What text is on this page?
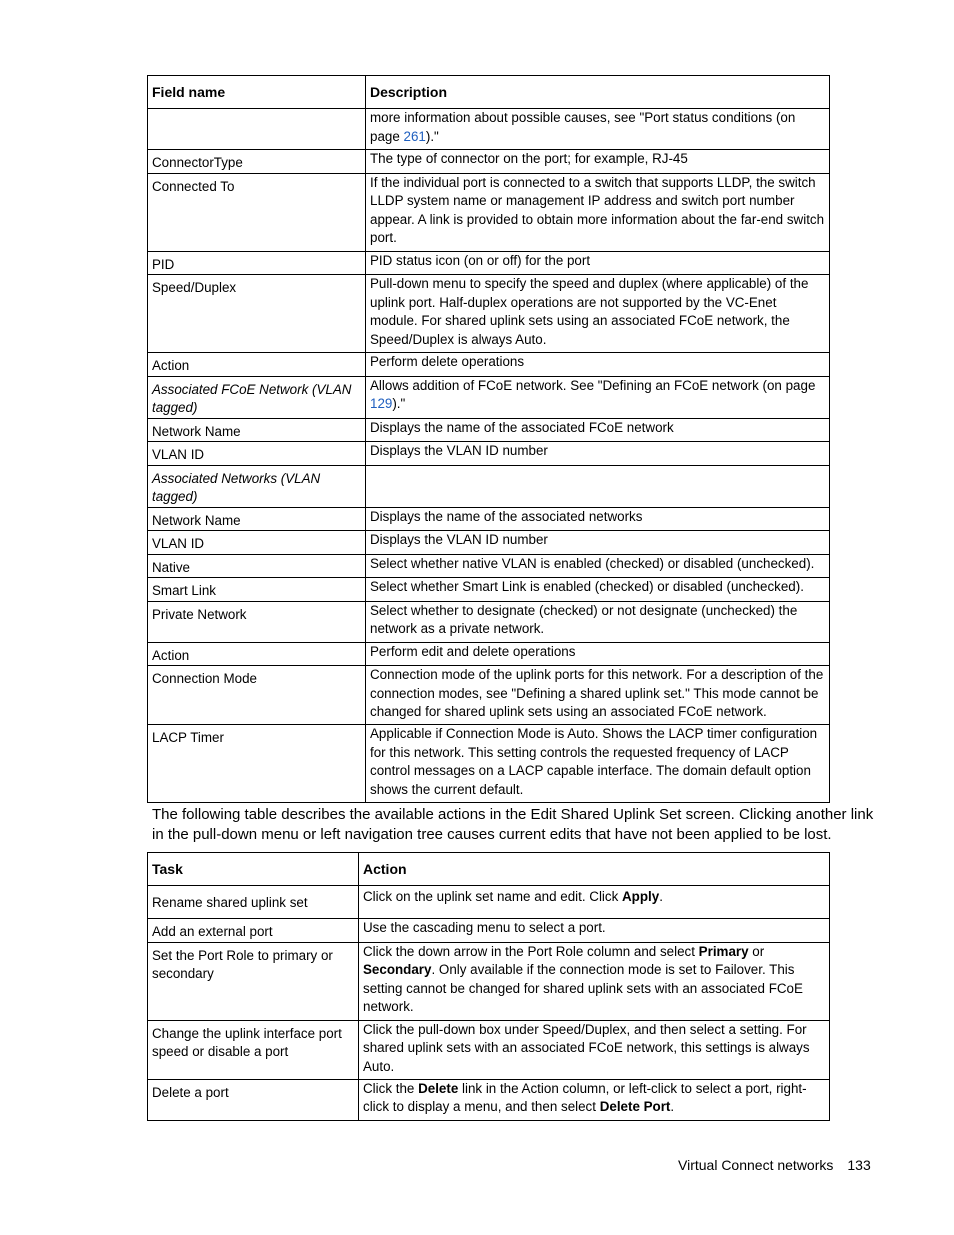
Field name	Description
	more information about possible causes, see "Port status conditions (on page 261)."
ConnectorType	The type of connector on the port; for example, RJ-45
Connected To	If the individual port is connected to a switch that supports LLDP, the switch LLDP system name or management IP address and switch port number appear. A link is provided to obtain more information about the far-end switch port.
PID	PID status icon (on or off) for the port
Speed/Duplex	Pull-down menu to specify the speed and duplex (where applicable) of the uplink port. Half-duplex operations are not supported by the VC-Enet module. For shared uplink sets using an associated FCoE network, the Speed/Duplex is always Auto.
Action	Perform delete operations
Associated FCoE Network (VLAN tagged)	Allows addition of FCoE network. See "Defining an FCoE network (on page 129)."
Network Name	Displays the name of the associated FCoE network
VLAN ID	Displays the VLAN ID number
Associated Networks (VLAN tagged)	
Network Name	Displays the name of the associated networks
VLAN ID	Displays the VLAN ID number
Native	Select whether native VLAN is enabled (checked) or disabled (unchecked).
Smart Link	Select whether Smart Link is enabled (checked) or disabled (unchecked).
Private Network	Select whether to designate (checked) or not designate (unchecked) the network as a private network.
Action	Perform edit and delete operations
Connection Mode	Connection mode of the uplink ports for this network. For a description of the connection modes, see "Defining a shared uplink set." This mode cannot be changed for shared uplink sets using an associated FCoE network.
LACP Timer	Applicable if Connection Mode is Auto. Shows the LACP timer configuration for this network. This setting controls the requested frequency of LACP control messages on a LACP capable interface. The domain default option shows the current default.

The following table describes the available actions in the Edit Shared Uplink Set screen. Clicking another link in the pull-down menu or left navigation tree causes current edits that have not been applied to be lost.

Task	Action
Rename shared uplink set	Click on the uplink set name and edit. Click Apply.
Add an external port	Use the cascading menu to select a port.
Set the Port Role to primary or secondary	Click the down arrow in the Port Role column and select Primary or Secondary. Only available if the connection mode is set to Failover. This setting cannot be changed for shared uplink sets with an associated FCoE network.
Change the uplink interface port speed or disable a port	Click the pull-down box under Speed/Duplex, and then select a setting. For shared uplink sets with an associated FCoE network, this settings is always Auto.
Delete a port	Click the Delete link in the Action column, or left-click to select a port, right-click to display a menu, and then select Delete Port.
Virtual Connect networks 133
